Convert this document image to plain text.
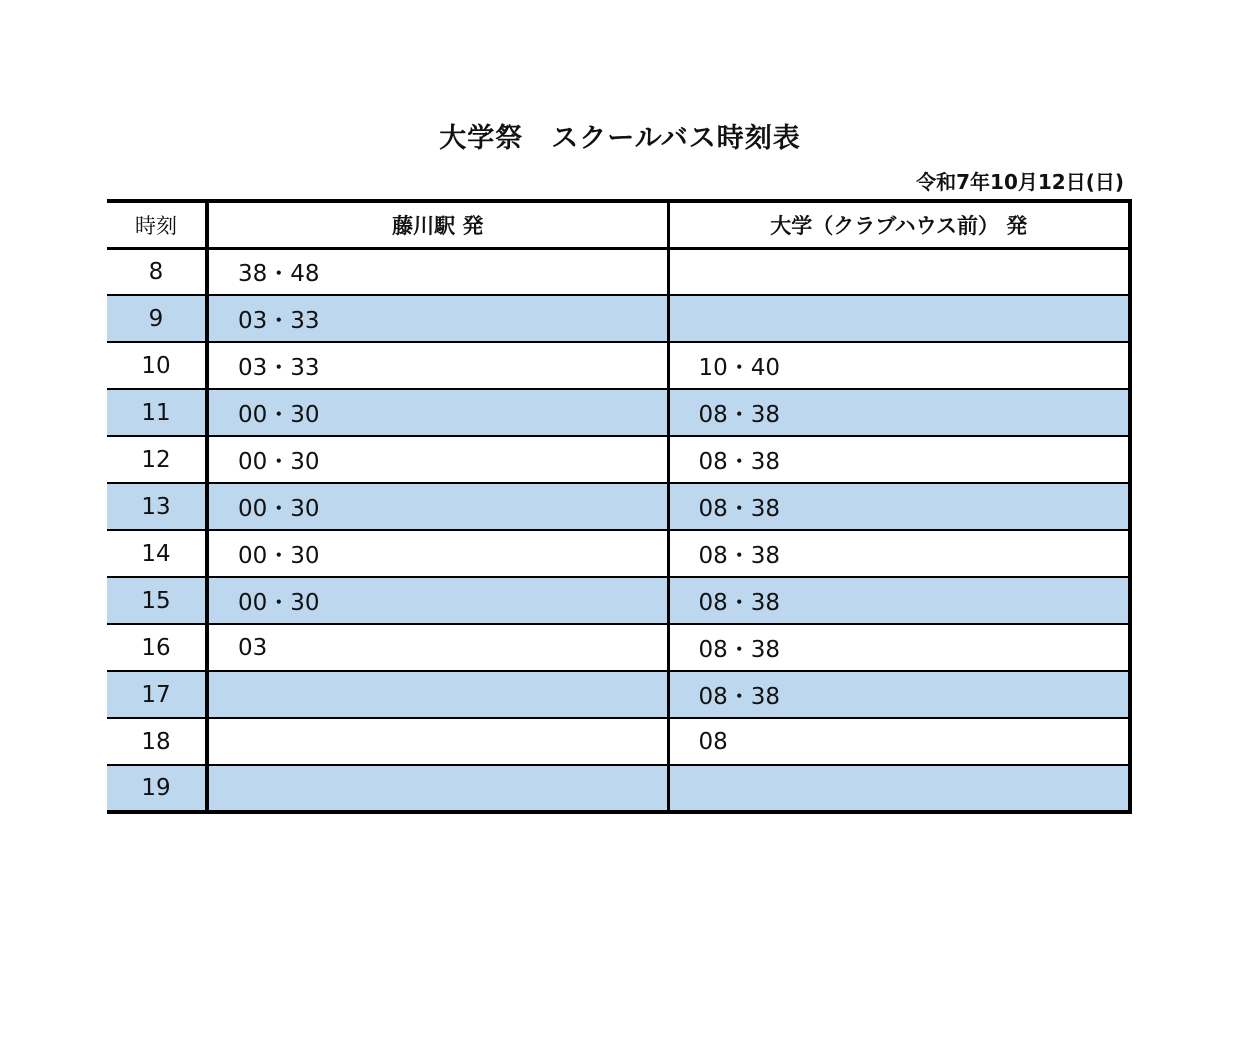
大学祭　スクールバス時刻表
令和7年10月12日(日)
時刻	藤川駅 発	大学（クラブハウス前） 発
8	38・48	
9	03・33	
10	03・33	10・40
11	00・30	08・38
12	00・30	08・38
13	00・30	08・38
14	00・30	08・38
15	00・30	08・38
16	03	08・38
17		08・38
18		08
19		
